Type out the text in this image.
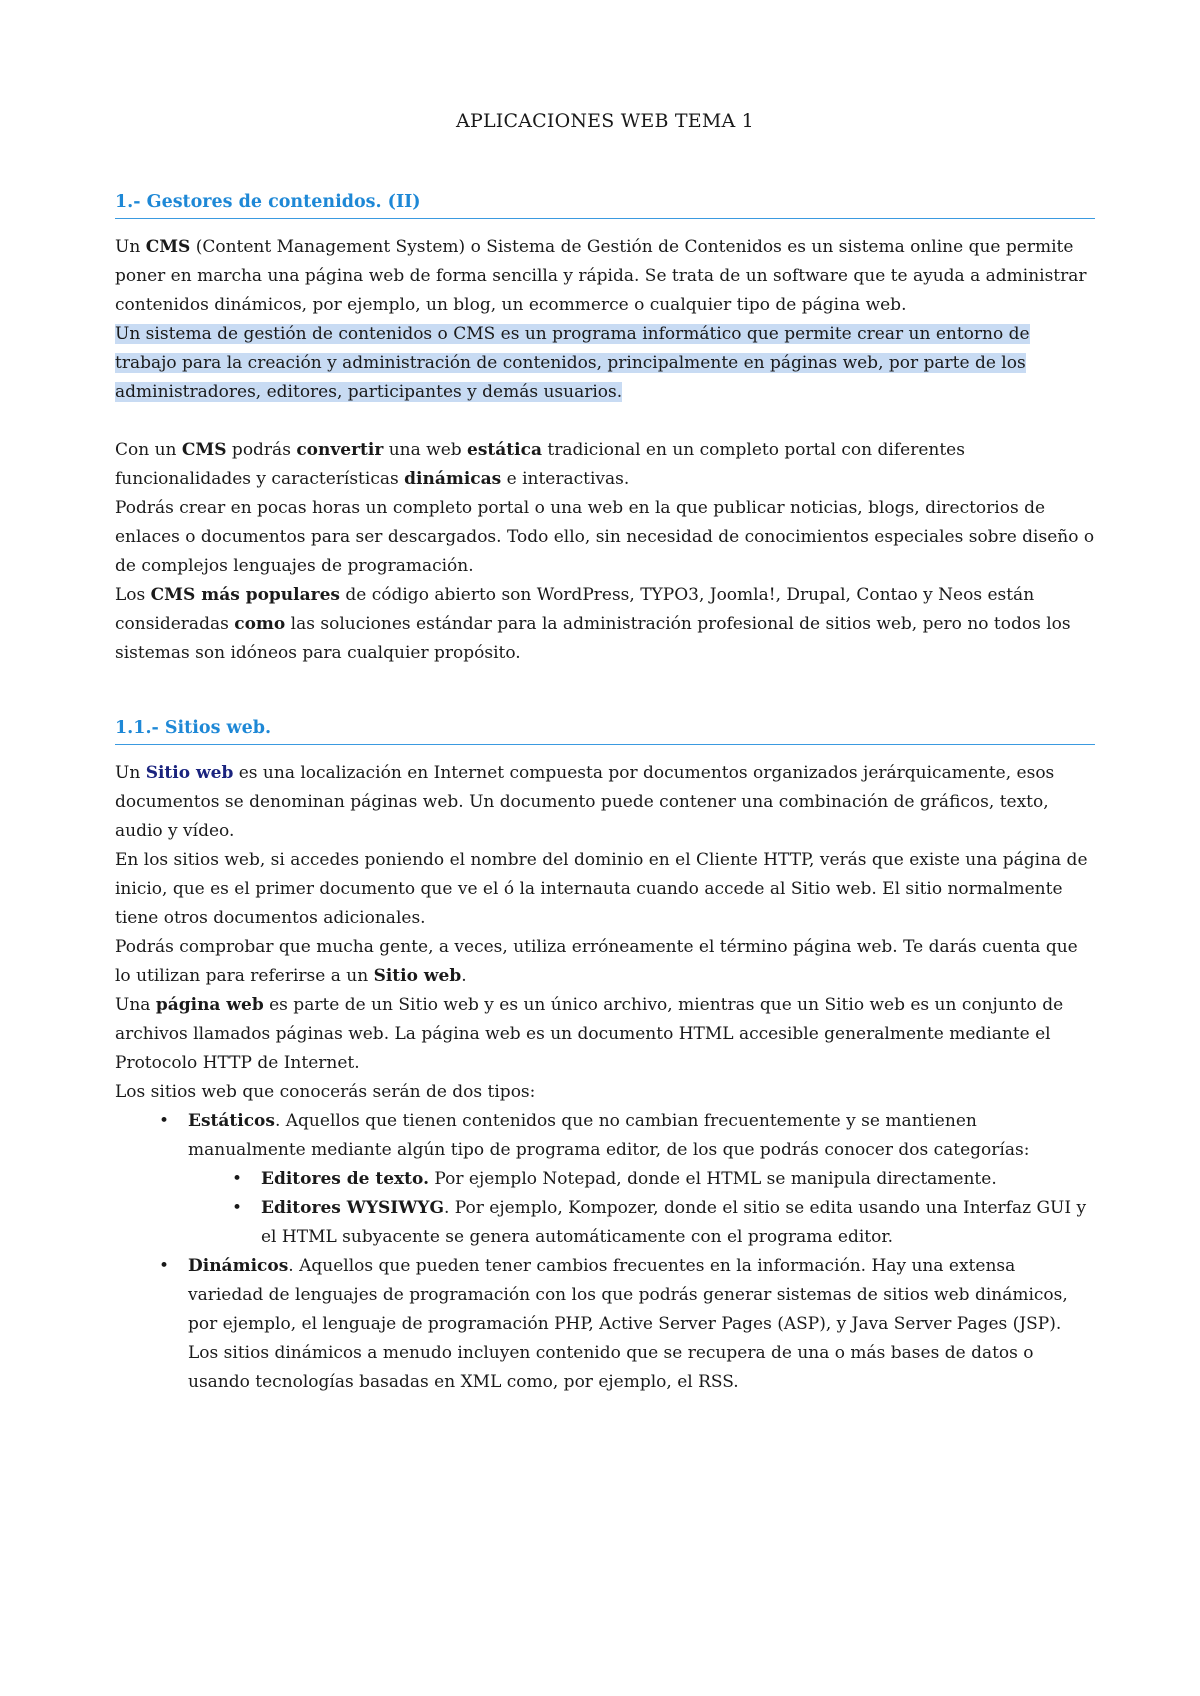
APLICACIONES WEB TEMA 1
1.- Gestores de contenidos. (II)

Un CMS (Content Management System) o Sistema de Gestión de Contenidos es un sistema online que permite poner en marcha una página web de forma sencilla y rápida. Se trata de un software que te ayuda a administrar contenidos dinámicos, por ejemplo, un blog, un ecommerce o cualquier tipo de página web.
Un sistema de gestión de contenidos o CMS es un programa informático que permite crear un entorno de trabajo para la creación y administración de contenidos, principalmente en páginas web, por parte de los administradores, editores, participantes y demás usuarios.

Con un CMS podrás convertir una web estática tradicional en un completo portal con diferentes funcionalidades y características dinámicas e interactivas.

Podrás crear en pocas horas un completo portal o una web en la que publicar noticias, blogs, directorios de enlaces o documentos para ser descargados. Todo ello, sin necesidad de conocimientos especiales sobre diseño o de complejos lenguajes de programación.

Los CMS más populares de código abierto son WordPress, TYPO3, Joomla!, Drupal, Contao y Neos están consideradas como las soluciones estándar para la administración profesional de sitios web, pero no todos los sistemas son idóneos para cualquier propósito.

1.1.- Sitios web.

Un Sitio web es una localización en Internet compuesta por documentos organizados jerárquicamente, esos documentos se denominan páginas web. Un documento puede contener una combinación de gráficos, texto, audio y vídeo.

En los sitios web, si accedes poniendo el nombre del dominio en el Cliente HTTP, verás que existe una página de inicio, que es el primer documento que ve el ó la internauta cuando accede al Sitio web. El sitio normalmente tiene otros documentos adicionales.

Podrás comprobar que mucha gente, a veces, utiliza erróneamente el término página web. Te darás cuenta que lo utilizan para referirse a un Sitio web.

Una página web es parte de un Sitio web y es un único archivo, mientras que un Sitio web es un conjunto de archivos llamados páginas web. La página web es un documento HTML accesible generalmente mediante el Protocolo HTTP de Internet.

Los sitios web que conocerás serán de dos tipos:

• Estáticos. Aquellos que tienen contenidos que no cambian frecuentemente y se mantienen manualmente mediante algún tipo de programa editor, de los que podrás conocer dos categorías:
• Editores de texto. Por ejemplo Notepad, donde el HTML se manipula directamente.
• Editores WYSIWYG. Por ejemplo, Kompozer, donde el sitio se edita usando una Interfaz GUI y el HTML subyacente se genera automáticamente con el programa editor.
• Dinámicos. Aquellos que pueden tener cambios frecuentes en la información. Hay una extensa variedad de lenguajes de programación con los que podrás generar sistemas de sitios web dinámicos, por ejemplo, el lenguaje de programación PHP, Active Server Pages (ASP), y Java Server Pages (JSP). Los sitios dinámicos a menudo incluyen contenido que se recupera de una o más bases de datos o usando tecnologías basadas en XML como, por ejemplo, el RSS.
